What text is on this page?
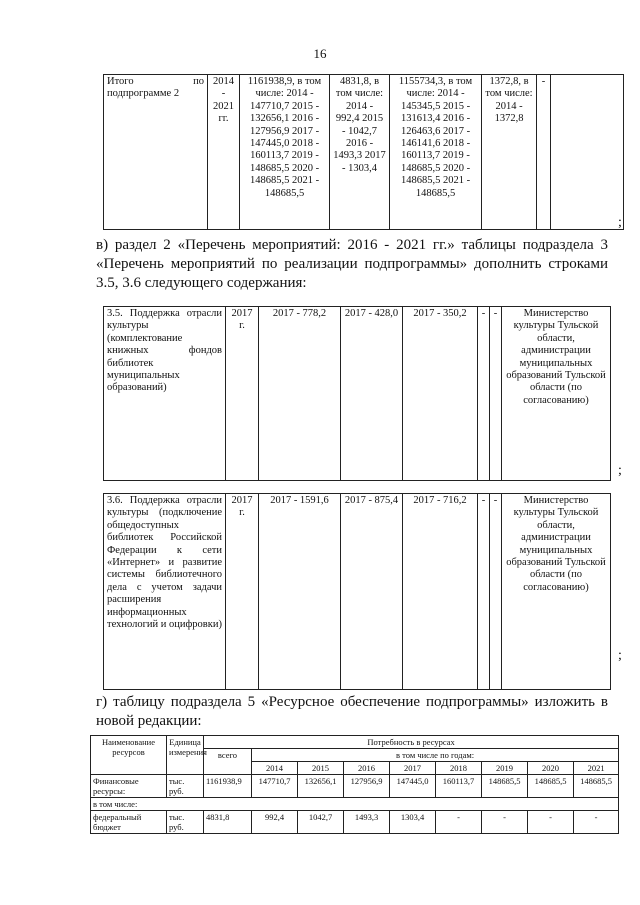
16
Итого по подпрограмме 2	2014 - 2021 гг.	1161938,9, в том числе: 2014 - 147710,7 2015 - 132656,1 2016 - 127956,9 2017 - 147445,0 2018 - 160113,7 2019 - 148685,5 2020 - 148685,5 2021 - 148685,5	4831,8, в том числе: 2014 - 992,4 2015 - 1042,7 2016 - 1493,3 2017 - 1303,4	1155734,3, в том числе: 2014 - 145345,5 2015 - 131613,4 2016 - 126463,6 2017 - 146141,6 2018 - 160113,7 2019 - 148685,5 2020 - 148685,5 2021 - 148685,5	1372,8, в том числе: 2014 - 1372,8	-	
;
в) раздел 2 «Перечень мероприятий: 2016 - 2021 гг.» таблицы подраздела 3 «Перечень мероприятий по реализации подпрограммы» дополнить строками 3.5, 3.6 следующего содержания:
3.5. Поддержка отрасли культуры (комплектование книжных фондов библиотек муниципальных образований)	2017 г.	2017 - 778,2	2017 - 428,0	2017 - 350,2	-	-	Министерство культуры Тульской области, администрации муниципальных образований Тульской области (по согласованию)
;
3.6. Поддержка отрасли культуры (подключение общедоступных библиотек Российской Федерации к сети «Интернет» и развитие системы библиотечного дела с учетом задачи расширения информационных технологий и оцифровки)	2017 г.	2017 - 1591,6	2017 - 875,4	2017 - 716,2	-	-	Министерство культуры Тульской области, администрации муниципальных образований Тульской области (по согласованию)
;
г) таблицу подраздела 5 «Ресурсное обеспечение подпрограммы» изложить в новой редакции:
Наименование ресурсов	Единица измерения	Потребность в ресурсах								
		всего	в том числе по годам:							
			2014	2015	2016	2017	2018	2019	2020	2021
Финансовые ресурсы:	тыс. руб.	1161938,9	147710,7	132656,1	127956,9	147445,0	160113,7	148685,5	148685,5	148685,5
в том числе:										
федеральный бюджет	тыс. руб.	4831,8	992,4	1042,7	1493,3	1303,4	-	-	-	-
